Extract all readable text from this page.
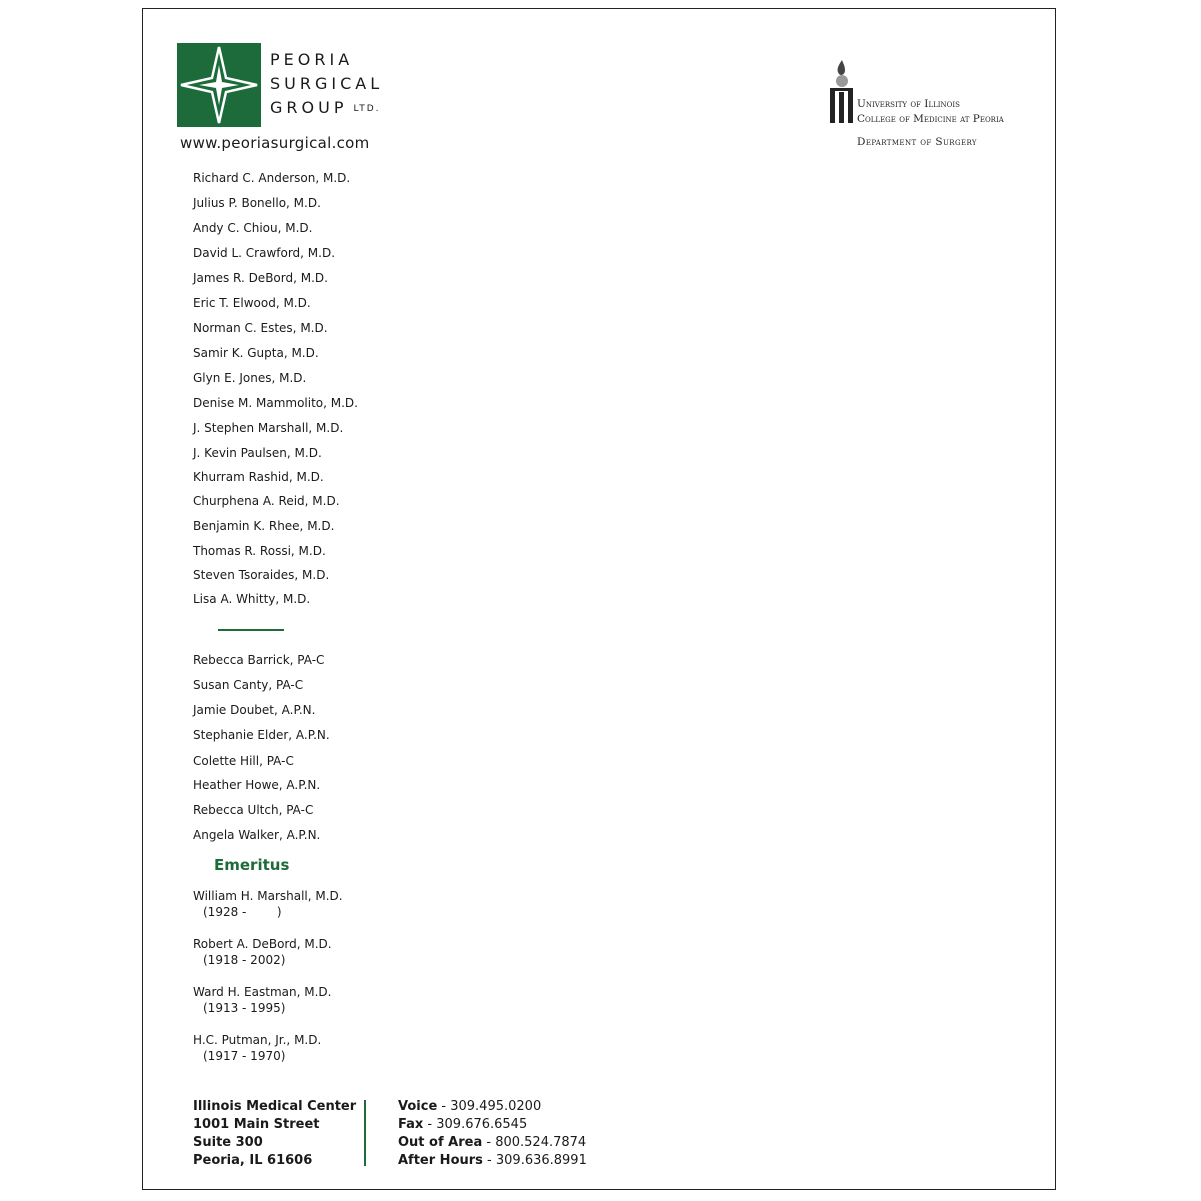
PEORIA
SURGICAL
GROUP LTD.
www.peoriasurgical.com
University of Illinois
College of Medicine at Peoria
Department of Surgery
Richard C. Anderson, M.D.
Julius P. Bonello, M.D.
Andy C. Chiou, M.D.
David L. Crawford, M.D.
James R. DeBord, M.D.
Eric T. Elwood, M.D.
Norman C. Estes, M.D.
Samir K. Gupta, M.D.
Glyn E. Jones, M.D.
Denise M. Mammolito, M.D.
J. Stephen Marshall, M.D.
J. Kevin Paulsen, M.D.
Khurram Rashid, M.D.
Churphena A. Reid, M.D.
Benjamin K. Rhee, M.D.
Thomas R. Rossi, M.D.
Steven Tsoraides, M.D.
Lisa A. Whitty, M.D.
Rebecca Barrick, PA-C
Susan Canty, PA-C
Jamie Doubet, A.P.N.
Stephanie Elder, A.P.N.
Colette Hill, PA-C
Heather Howe, A.P.N.
Rebecca Ultch, PA-C
Angela Walker, A.P.N.
Emeritus
William H. Marshall, M.D.
(1928 -        )
Robert A. DeBord, M.D.
(1918 - 2002)
Ward H. Eastman, M.D.
(1913 - 1995)
H.C. Putman, Jr., M.D.
(1917 - 1970)
Illinois Medical Center
1001 Main Street
Suite 300
Peoria, IL 61606
Voice - 309.495.0200
Fax - 309.676.6545
Out of Area - 800.524.7874
After Hours - 309.636.8991
